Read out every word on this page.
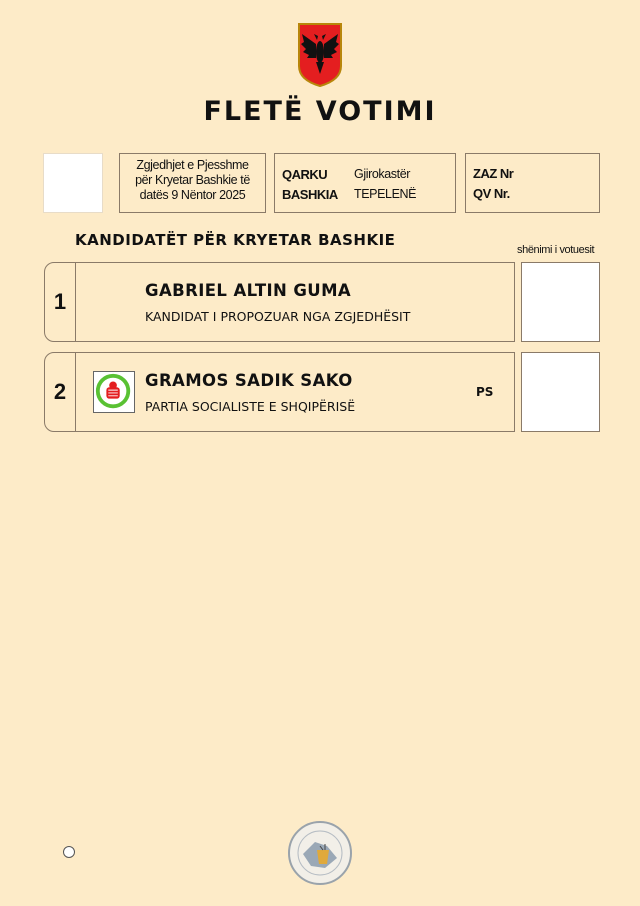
FLETË VOTIMI
Zgjedhjet e Pjesshme
për Kryetar Bashkie të
datës 9 Nëntor 2025
QARKU	Gjirokastër
BASHKIA	TEPELENË
ZAZ Nr
QV Nr.
KANDIDATËT PËR KRYETAR BASHKIE
shënimi i votuesit
1	GABRIEL ALTIN GUMA
KANDIDAT I PROPOZUAR NGA ZGJEDHËSIT
2	GRAMOS SADIK SAKO
PARTIA SOCIALISTE E SHQIPËRISË
PS
